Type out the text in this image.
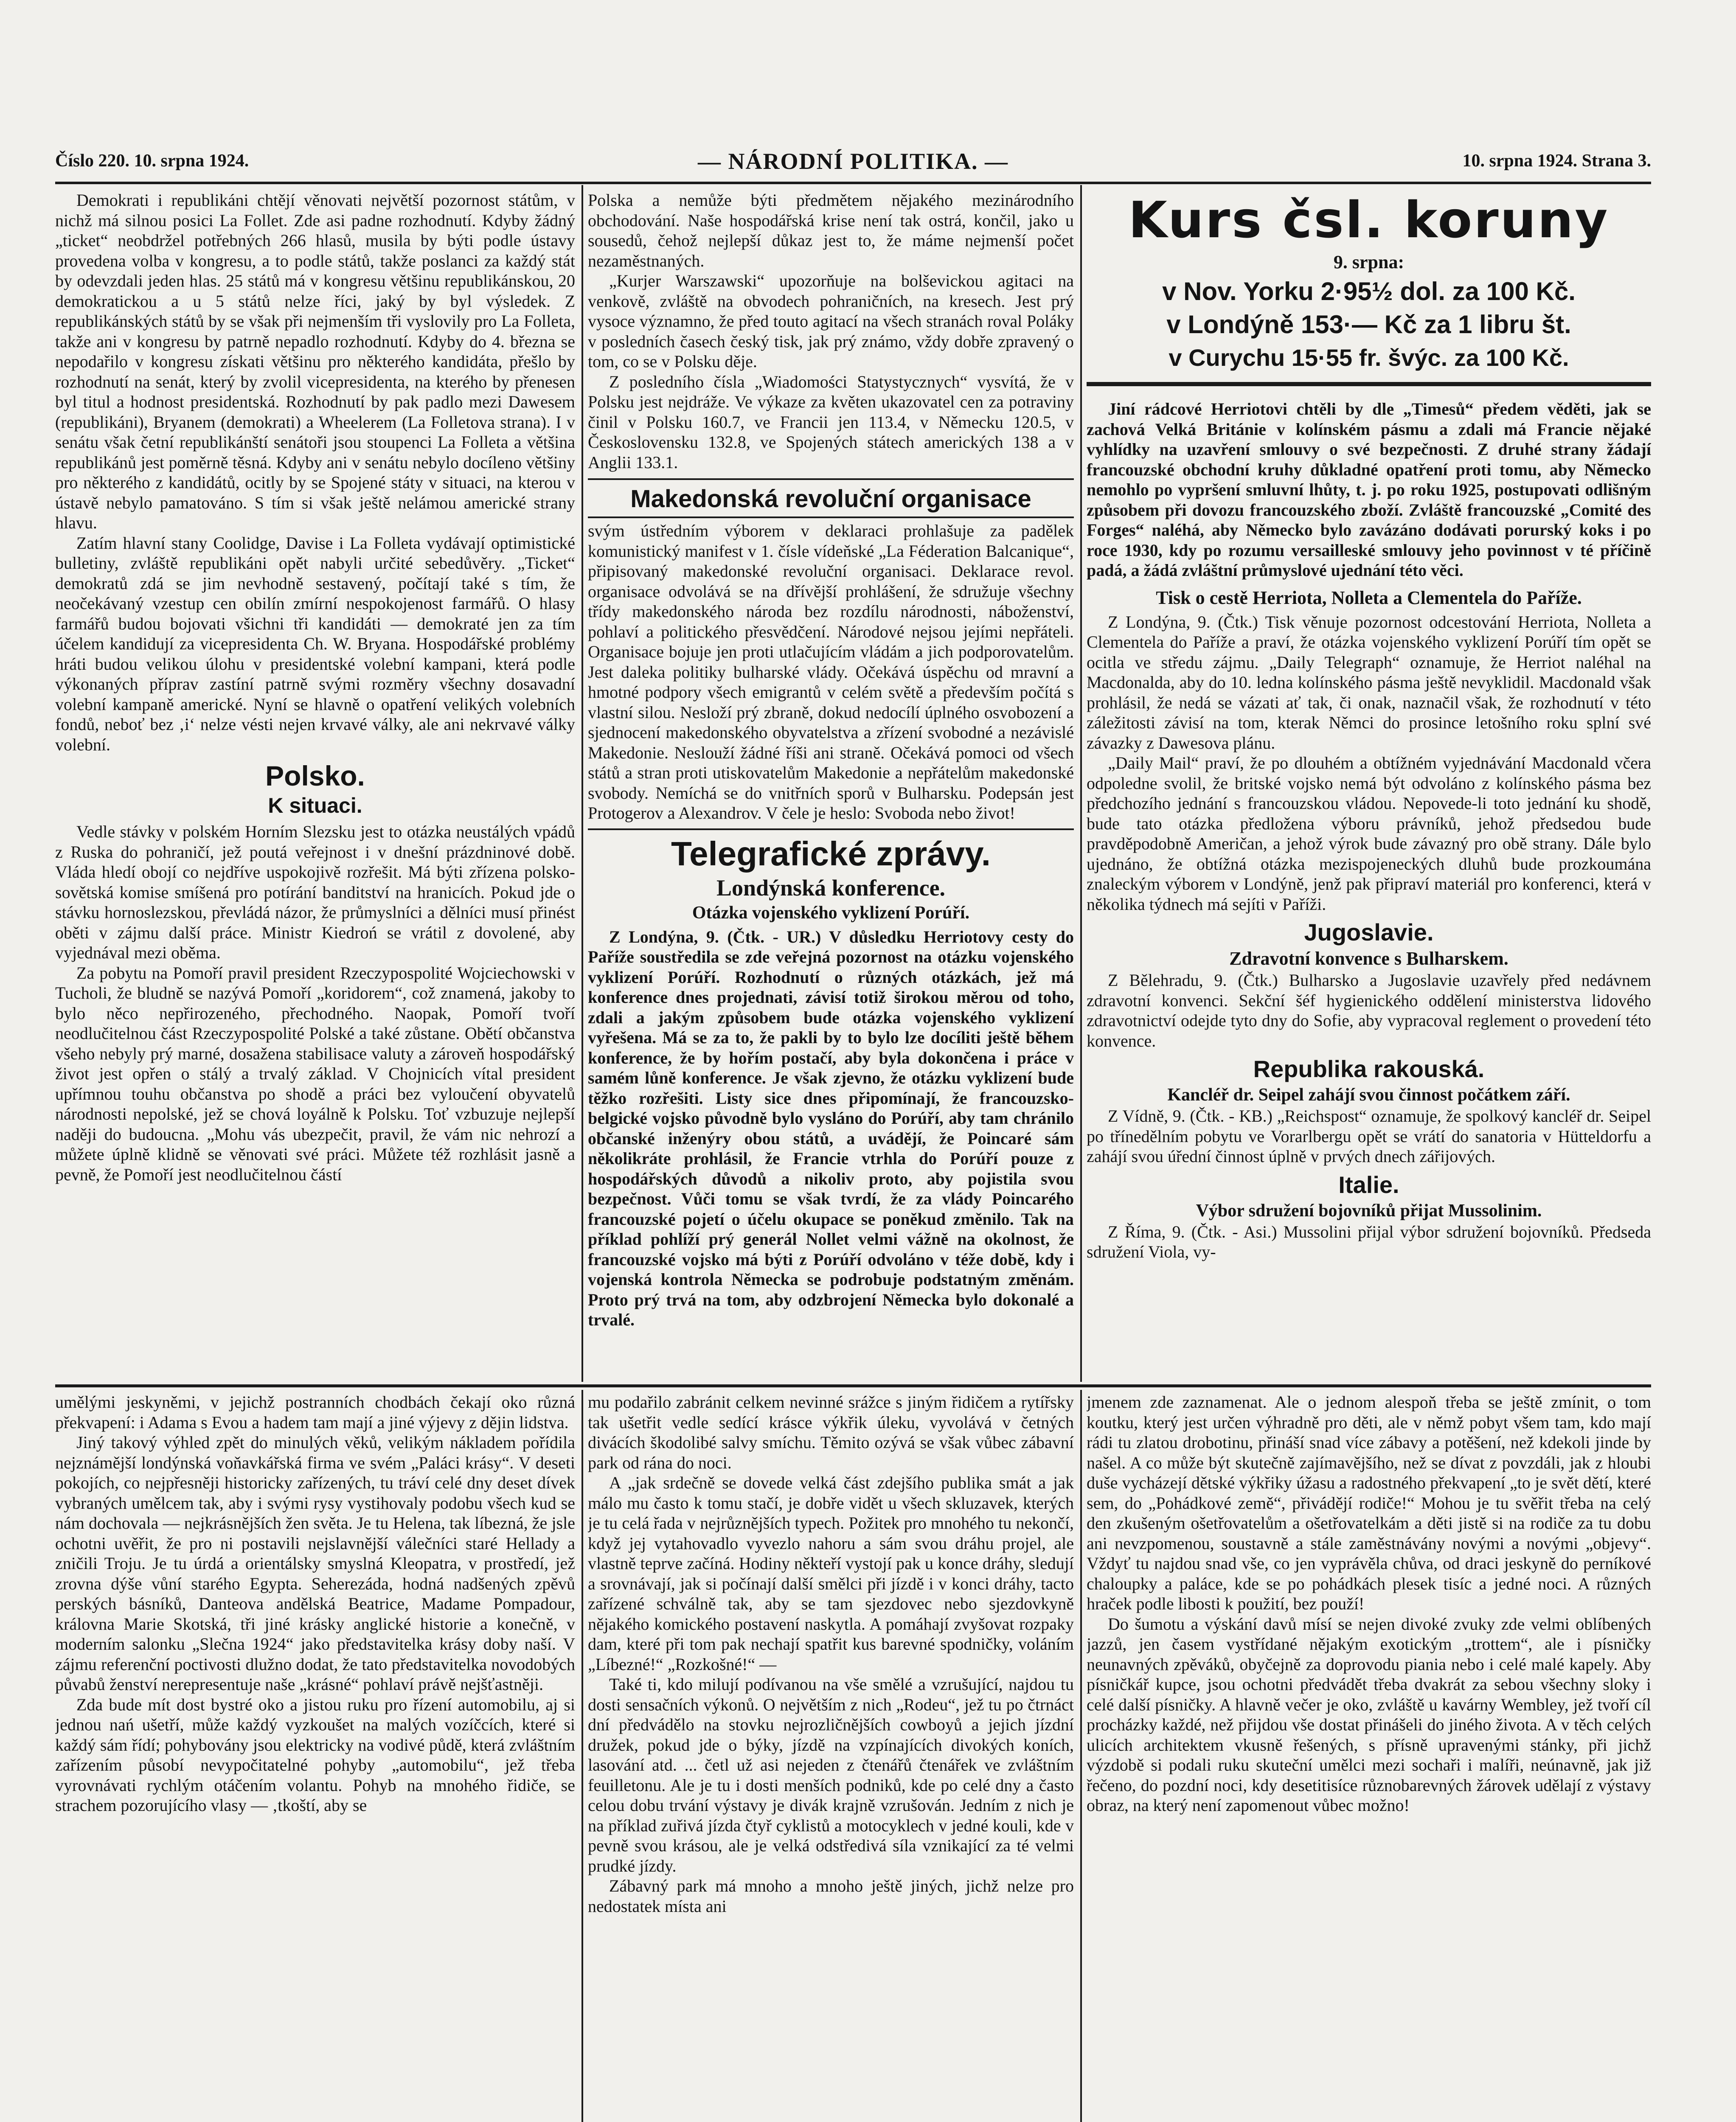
Číslo 220. 10. srpna 1924.	— NÁRODNÍ POLITIKA. —	10. srpna 1924. Strana 3.

Demokrati i republikáni chtějí věnovati největší pozornost státům, v nichž má silnou posici La Follet. Zde asi padne rozhodnutí. Kdyby žádný „ticket“ neobdržel potřebných 266 hlasů, musila by býti podle ústavy provedena volba v kongresu, a to podle států, takže poslanci za každý stát by odevzdali jeden hlas. 25 států má v kongresu většinu republikánskou, 20 demokratickou a u 5 států nelze říci, jaký by byl výsledek. Z republikánských států by se však při nejmenším tři vyslovily pro La Folleta, takže ani v kongresu by patrně nepadlo rozhodnutí. Kdyby do 4. března se nepodařilo v kongresu získati většinu pro některého kandidáta, přešlo by rozhodnutí na senát, který by zvolil vicepresidenta, na kterého by přenesen byl titul a hodnost presidentská. Rozhodnutí by pak padlo mezi Dawesem (republikáni), Bryanem (demokrati) a Wheelerem (La Folletova strana). I v senátu však četní republikánští senátoři jsou stoupenci La Folleta a většina republikánů jest poměrně těsná. Kdyby ani v senátu nebylo docíleno většiny pro některého z kandidátů, ocitly by se Spojené státy v situaci, na kterou v ústavě nebylo pamatováno. S tím si však ještě nelámou americké strany hlavu.

Zatím hlavní stany Coolidge, Davise i La Folleta vydávají optimistické bulletiny, zvláště republikáni opět nabyli určité sebedůvěry. „Ticket“ demokratů zdá se jim nevhodně sestavený, počítají také s tím, že neočekávaný vzestup cen obilín zmírní nespokojenost farmářů. O hlasy farmářů budou bojovati všichni tři kandidáti — demokraté jen za tím účelem kandidují za vicepresidenta Ch. W. Bryana. Hospodářské problémy hráti budou velikou úlohu v presidentské volební kampani, která podle výkonaných příprav zastíní patrně svými rozměry všechny dosavadní volební kampaně americké. Nyní se hlavně o opatření velikých volebních fondů, neboť bez ‚i‘ nelze vésti nejen krvavé války, ale ani nekrvavé války volební.

Polsko.
K situaci.

Vedle stávky v polském Horním Slezsku jest to otázka neustálých vpádů z Ruska do pohraničí, jež poutá veřejnost i v dnešní prázdninové době. Vláda hledí obojí co nejdříve uspokojivě rozřešit. Má býti zřízena polsko-sovětská komise smíšená pro potírání banditství na hranicích. Pokud jde o stávku hornoslezskou, převládá názor, že průmyslníci a dělníci musí přinést oběti v zájmu další práce. Ministr Kiedroń se vrátil z dovolené, aby vyjednával mezi oběma.

Za pobytu na Pomoří pravil president Rzeczypospolité Wojciechowski v Tucholi, že bludně se nazývá Pomoří „koridorem“, což znamená, jakoby to bylo něco nepřirozeného, přechodného. Naopak, Pomoří tvoří neodlučitelnou část Rzeczypospolité Polské a také zůstane. Obětí občanstva všeho nebyly prý marné, dosažena stabilisace valuty a zároveň hospodářský život jest opřen o stálý a trvalý základ. V Chojnicích vítal president upřímnou touhu občanstva po shodě a práci bez vyloučení obyvatelů národnosti nepolské, jež se chová loyálně k Polsku. Toť vzbuzuje nejlepší naději do budoucna. „Mohu vás ubezpečit, pravil, že vám nic nehrozí a můžete úplně klidně se věnovati své práci. Můžete též rozhlásit jasně a pevně, že Pomoří jest neodlučitelnou částí

Polska a nemůže býti předmětem nějakého mezinárodního obchodování. Naše hospodářská krise není tak ostrá, končil, jako u sousedů, čehož nejlepší důkaz jest to, že máme nejmenší počet nezaměstnaných.

„Kurjer Warszawski“ upozorňuje na bolševickou agitaci na venkově, zvláště na obvodech pohraničních, na kresech. Jest prý vysoce významno, že před touto agitací na všech stranách roval Poláky v posledních časech český tisk, jak prý známo, vždy dobře zpravený o tom, co se v Polsku děje.

Z posledního čísla „Wiadomości Statystycznych“ vysvítá, že v Polsku jest nejdráže. Ve výkaze za květen ukazovatel cen za potraviny činil v Polsku 160.7, ve Francii jen 113.4, v Německu 120.5, v Československu 132.8, ve Spojených státech amerických 138 a v Anglii 133.1.

Makedonská revoluční organisace

svým ústředním výborem v deklaraci prohlašuje za padělek komunistický manifest v 1. čísle vídeňské „La Féderation Balcanique“, připisovaný makedonské revoluční organisaci. Deklarace revol. organisace odvolává se na dřívější prohlášení, že sdružuje všechny třídy makedonského národa bez rozdílu národnosti, náboženství, pohlaví a politického přesvědčení. Národové nejsou jejími nepřáteli. Organisace bojuje jen proti utlačujícím vládám a jich podporovatelům. Jest daleka politiky bulharské vlády. Očekává úspěchu od mravní a hmotné podpory všech emigrantů v celém světě a především počítá s vlastní silou. Nesloží prý zbraně, dokud nedocílí úplného osvobození a sjednocení makedonského obyvatelstva a zřízení svobodné a nezávislé Makedonie. Neslouží žádné říši ani straně. Očekává pomoci od všech států a stran proti utiskovatelům Makedonie a nepřátelům makedonské svobody. Nemíchá se do vnitřních sporů v Bulharsku. Podepsán jest Protogerov a Alexandrov. V čele je heslo: Svoboda nebo život!

Telegrafické zprávy.
Londýnská konference.
Otázka vojenského vyklizení Porúří.

Z Londýna, 9. (Čtk. - UR.) V důsledku Herriotovy cesty do Paříže soustředila se zde veřejná pozornost na otázku vojenského vyklizení Porúří. Rozhodnutí o různých otázkách, jež má konference dnes projednati, závisí totiž širokou měrou od toho, zdali a jakým způsobem bude otázka vojenského vyklizení vyřešena. Má se za to, že pakli by to bylo lze docíliti ještě během konference, že by hořím postačí, aby byla dokončena i práce v samém lůně konference. Je však zjevno, že otázku vyklizení bude těžko rozřešiti. Listy sice dnes připomínají, že francouzsko-belgické vojsko původně bylo vysláno do Porúří, aby tam chránilo občanské inženýry obou států, a uvádějí, že Poincaré sám několikráte prohlásil, že Francie vtrhla do Porúří pouze z hospodářských důvodů a nikoliv proto, aby pojistila svou bezpečnost. Vůči tomu se však tvrdí, že za vlády Poincarého francouzské pojetí o účelu okupace se poněkud změnilo. Tak na příklad pohlíží prý generál Nollet velmi vážně na okolnost, že francouzské vojsko má býti z Porúří odvoláno v téže době, kdy i vojenská kontrola Německa se podrobuje podstatným změnám. Proto prý trvá na tom, aby odzbrojení Německa bylo dokonalé a trvalé.

Kurs čsl. koruny
9. srpna:
v Nov. Yorku 2·95½ dol. za 100 Kč.
v Londýně 153·— Kč za 1 libru št.
v Curychu 15·55 fr. švýc. za 100 Kč.

Jiní rádcové Herriotovi chtěli by dle „Timesů“ předem věděti, jak se zachová Velká Británie v kolínském pásmu a zdali má Francie nějaké vyhlídky na uzavření smlouvy o své bezpečnosti. Z druhé strany žádají francouzské obchodní kruhy důkladné opatření proti tomu, aby Německo nemohlo po vypršení smluvní lhůty, t. j. po roku 1925, postupovati odlišným způsobem při dovozu francouzského zboží. Zvláště francouzské „Comité des Forges“ naléhá, aby Německo bylo zavázáno dodávati porurský koks i po roce 1930, kdy po rozumu versailleské smlouvy jeho povinnost v té příčině padá, a žádá zvláštní průmyslové ujednání této věci.

Tisk o cestě Herriota, Nolleta a Clementela do Paříže.

Z Londýna, 9. (Čtk.) Tisk věnuje pozornost odcestování Herriota, Nolleta a Clementela do Paříže a praví, že otázka vojenského vyklizení Porúří tím opět se ocitla ve středu zájmu. „Daily Telegraph“ oznamuje, že Herriot naléhal na Macdonalda, aby do 10. ledna kolínského pásma ještě nevyklidil. Macdonald však prohlásil, že nedá se vázati ať tak, či onak, naznačil však, že rozhodnutí v této záležitosti závisí na tom, kterak Němci do prosince letošního roku splní své závazky z Dawesova plánu.

„Daily Mail“ praví, že po dlouhém a obtížném vyjednávání Macdonald včera odpoledne svolil, že britské vojsko nemá být odvoláno z kolínského pásma bez předchozího jednání s francouzskou vládou. Nepovede-li toto jednání ku shodě, bude tato otázka předložena výboru právníků, jehož předsedou bude pravděpodobně Američan, a jehož výrok bude závazný pro obě strany. Dále bylo ujednáno, že obtížná otázka mezispojeneckých dluhů bude prozkoumána znaleckým výborem v Londýně, jenž pak připraví materiál pro konferenci, která v několika týdnech má sejíti v Paříži.

Jugoslavie.
Zdravotní konvence s Bulharskem.

Z Bělehradu, 9. (Čtk.) Bulharsko a Jugoslavie uzavřely před nedávnem zdravotní konvenci. Sekční šéf hygienického oddělení ministerstva lidového zdravotnictví odejde tyto dny do Sofie, aby vypracoval reglement o provedení této konvence.

Republika rakouská.
Kancléř dr. Seipel zahájí svou činnost počátkem září.

Z Vídně, 9. (Čtk. - KB.) „Reichspost“ oznamuje, že spolkový kancléř dr. Seipel po třínedělním pobytu ve Vorarlbergu opět se vrátí do sanatoria v Hütteldorfu a zahájí svou úřední činnost úplně v prvých dnech zářijových.

Italie.
Výbor sdružení bojovníků přijat Mussolinim.

Z Říma, 9. (Čtk. - Asi.) Mussolini přijal výbor sdružení bojovníků. Předseda sdružení Viola, vy-

umělými jeskyněmi, v jejichž postranních chodbách čekají oko různá překvapení: i Adama s Evou a hadem tam mají a jiné výjevy z dějin lidstva.

Jiný takový výhled zpět do minulých věků, velikým nákladem pořídila nejznámější londýnská voňavkářská firma ve svém „Paláci krásy“. V deseti pokojích, co nejpřesněji historicky zařízených, tu tráví celé dny deset dívek vybraných umělcem tak, aby i svými rysy vystihovaly podobu všech kud se nám dochovala — nejkrásnějších žen světa. Je tu Helena, tak líbezná, že jsle ochotni uvěřit, že pro ni postavili nejslavnější válečníci staré Hellady a zničili Troju. Je tu úrdá a orientálsky smyslná Kleopatra, v prostředí, jež zrovna dýše vůní starého Egypta. Seherezáda, hodná nadšených zpěvů perských básníků, Danteova andělská Beatrice, Madame Pompadour, královna Marie Skotská, tři jiné krásky anglické historie a konečně, v moderním salonku „Slečna 1924“ jako představitelka krásy doby naší. V zájmu referenční poctivosti dlužno dodat, že tato představitelka novodobých půvabů ženství nerepresentuje naše „krásné“ pohlaví právě nejšťastněji.

Zda bude mít dost bystré oko a jistou ruku pro řízení automobilu, aj si jednou nań ušetří, může každý vyzkoušet na malých vozíčcích, které si každý sám řídí; pohybovány jsou elektricky na vodivé půdě, která zvláštním zařízením působí nevypočitatelné pohyby „automobilu“, jež třeba vyrovnávati rychlým otáčením volantu. Pohyb na mnohého řidiče, se strachem pozorujícího vlasy — ‚tkoští, aby se

mu podařilo zabránit celkem nevinné srážce s jiným řidičem a rytířsky tak ušetřit vedle sedící krásce výkřik úleku, vyvolává v četných divácích škodolibé salvy smíchu. Těmito ozývá se však vůbec zábavní park od rána do noci.

A „jak srdečně se dovede velká část zdejšího publika smát a jak málo mu často k tomu stačí, je dobře vidět u všech skluzavek, kterých je tu celá řada v nejrůznějších typech. Požitek pro mnohého tu nekončí, když jej vytahovadlo vyvezlo nahoru a sám svou dráhu projel, ale vlastně teprve začíná. Hodiny někteří vystojí pak u konce dráhy, sledují a srovnávají, jak si počínají další smělci při jízdě i v konci dráhy, tacto zařízené schválně tak, aby se tam sjezdovec nebo sjezdovkyně nějakého komického postavení naskytla. A pomáhají zvyšovat rozpaky dam, které při tom pak nechají spatřit kus barevné spodničky, voláním „Líbezné!“ „Rozkošné!“ —

Také ti, kdo milují podívanou na vše smělé a vzrušující, najdou tu dosti sensačních výkonů. O největším z nich „Rodeu“, jež tu po čtrnáct dní předvádělo na stovku nejrozličnějších cowboyů a jejich jízdní družek, pokud jde o býky, jízdě na vzpínajících divokých koních, lasování atd. ... četl už asi nejeden z čtenářů čtenářek ve zvláštním feuilletonu. Ale je tu i dosti menších podniků, kde po celé dny a často celou dobu trvání výstavy je divák krajně vzrušován. Jedním z nich je na příklad zuřivá jízda čtyř cyklistů a motocyklech v jedné kouli, kde v pevně svou krásou, ale je velká odstředivá síla vznikající za té velmi prudké jízdy.

Zábavný park má mnoho a mnoho ještě jiných, jichž nelze pro nedostatek místa ani

jmenem zde zaznamenat. Ale o jednom alespoň třeba se ještě zmínit, o tom koutku, který jest určen výhradně pro děti, ale v němž pobyt všem tam, kdo mají rádi tu zlatou drobotinu, přináší snad více zábavy a potěšení, než kdekoli jinde by našel. A co může být skutečně zajímavějšího, než se dívat z povzdáli, jak z hloubi duše vycházejí dětské výkřiky úžasu a radostného překvapení „to je svět dětí, které sem, do „Pohádkové země“, přivádějí rodiče!“ Mohou je tu svěřit třeba na celý den zkušeným ošetřovatelům a ošetřovatelkám a děti jistě si na rodiče za tu dobu ani nevzpomenou, soustavně a stále zaměstnávány novými a novými „objevy“. Vždyť tu najdou snad vše, co jen vyprávěla chůva, od draci jeskyně do perníkové chaloupky a paláce, kde se po pohádkách plesek tisíc a jedné noci. A různých hraček podle libosti k použití, bez použí!

Do šumotu a výskání davů mísí se nejen divoké zvuky zde velmi oblíbených jazzů, jen časem vystřídané nějakým exotickým „trottem“, ale i písničky neunavných zpěváků, obyčejně za doprovodu piania nebo i celé malé kapely. Aby písničkář kupce, jsou ochotni předvádět třeba dvakrát za sebou všechny sloky i celé další písničky. A hlavně večer je oko, zvláště u kavárny Wembley, jež tvoří cíl procházky každé, než přijdou vše dostat přinášeli do jiného života. A v těch celých ulicích architektem vkusně řešených, s přísně upravenými stánky, při jichž výzdobě si podali ruku skuteční umělci mezi sochaři i malíři, neúnavně, jak již řečeno, do pozdní noci, kdy desetitisíce různobarevných žárovek udělají z výstavy obraz, na který není zapomenout vůbec možno!
